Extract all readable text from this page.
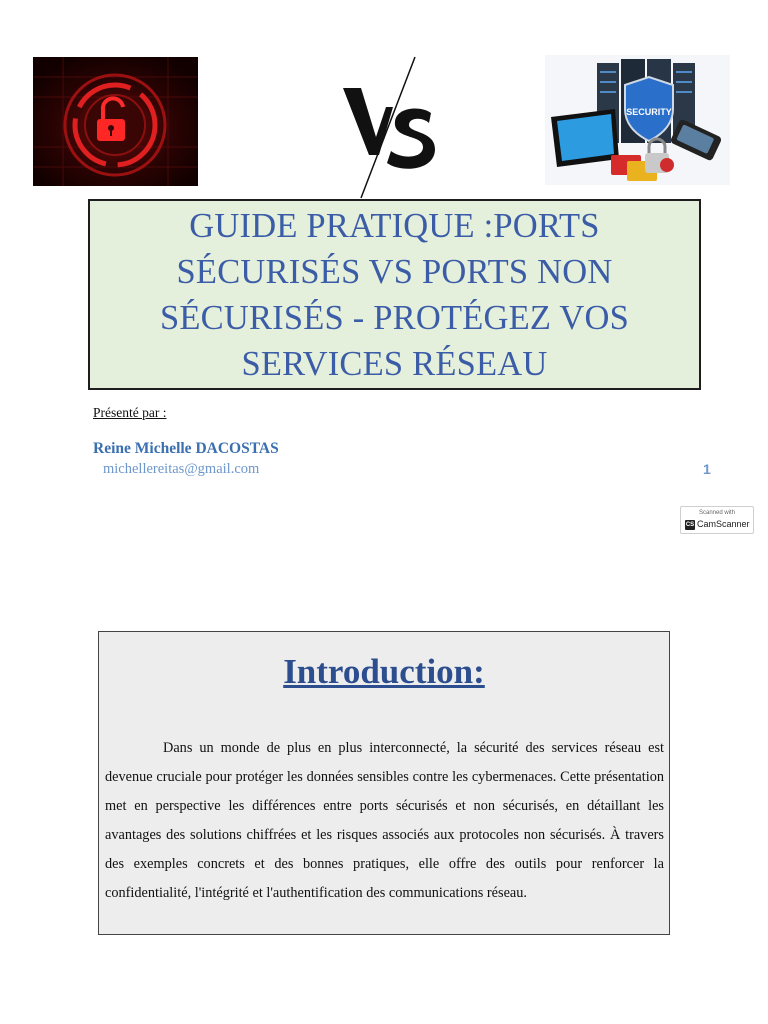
SECURITY
GUIDE PRATIQUE :PORTS SÉCURISÉS VS PORTS NON SÉCURISÉS - PROTÉGEZ VOS SERVICES RÉSEAU
Présenté par :
Reine Michelle DACOSTAS
michellereitas@gmail.com	1
Scanned with
CS CamScanner
Introduction:

Dans un monde de plus en plus interconnecté, la sécurité des services réseau est devenue cruciale pour protéger les données sensibles contre les cybermenaces. Cette présentation met en perspective les différences entre ports sécurisés et non sécurisés, en détaillant les avantages des solutions chiffrées et les risques associés aux protocoles non sécurisés. À travers des exemples concrets et des bonnes pratiques, elle offre des outils pour renforcer la confidentialité, l'intégrité et l'authentification des communications réseau.
